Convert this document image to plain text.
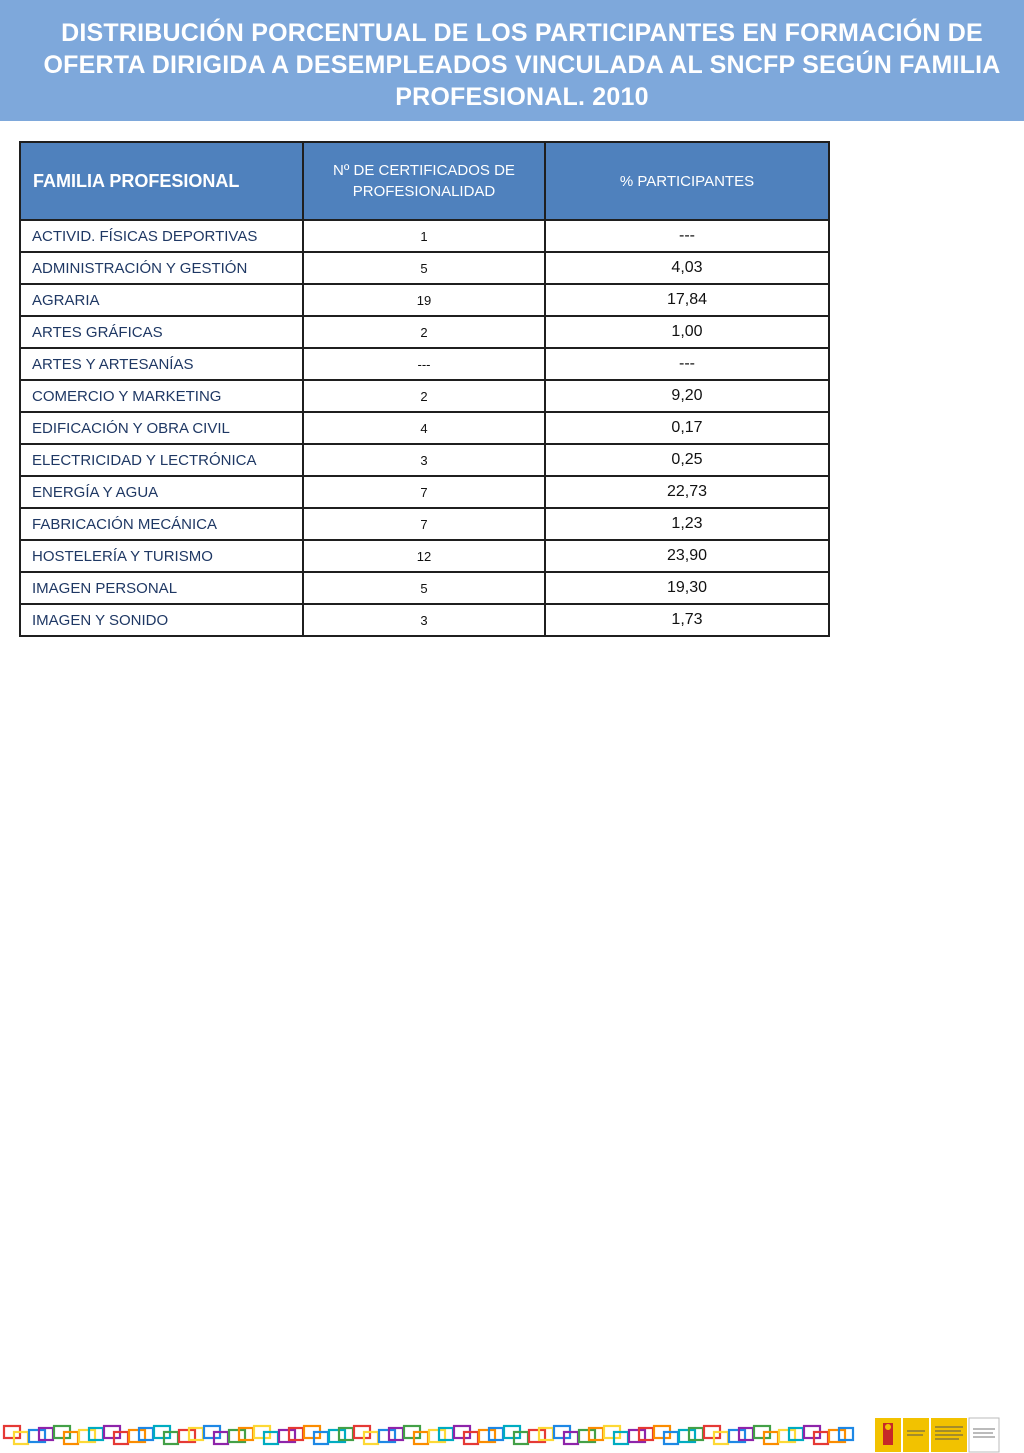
DISTRIBUCIÓN PORCENTUAL DE LOS PARTICIPANTES EN FORMACIÓN DE OFERTA DIRIGIDA A DESEMPLEADOS VINCULADA AL SNCFP SEGÚN FAMILIA PROFESIONAL. 2010
FAMILIA PROFESIONAL	Nº DE CERTIFICADOS DE PROFESIONALIDAD	% PARTICIPANTES
ACTIVID. FÍSICAS DEPORTIVAS	1	---
ADMINISTRACIÓN Y GESTIÓN	5	4,03
AGRARIA	19	17,84
ARTES GRÁFICAS	2	1,00
ARTES Y ARTESANÍAS	---	---
COMERCIO Y MARKETING	2	9,20
EDIFICACIÓN Y OBRA CIVIL	4	0,17
ELECTRICIDAD Y LECTRÓNICA	3	0,25
ENERGÍA Y AGUA	7	22,73
FABRICACIÓN MECÁNICA	7	1,23
HOSTELERÍA Y TURISMO	12	23,90
IMAGEN PERSONAL	5	19,30
IMAGEN Y SONIDO	3	1,73
